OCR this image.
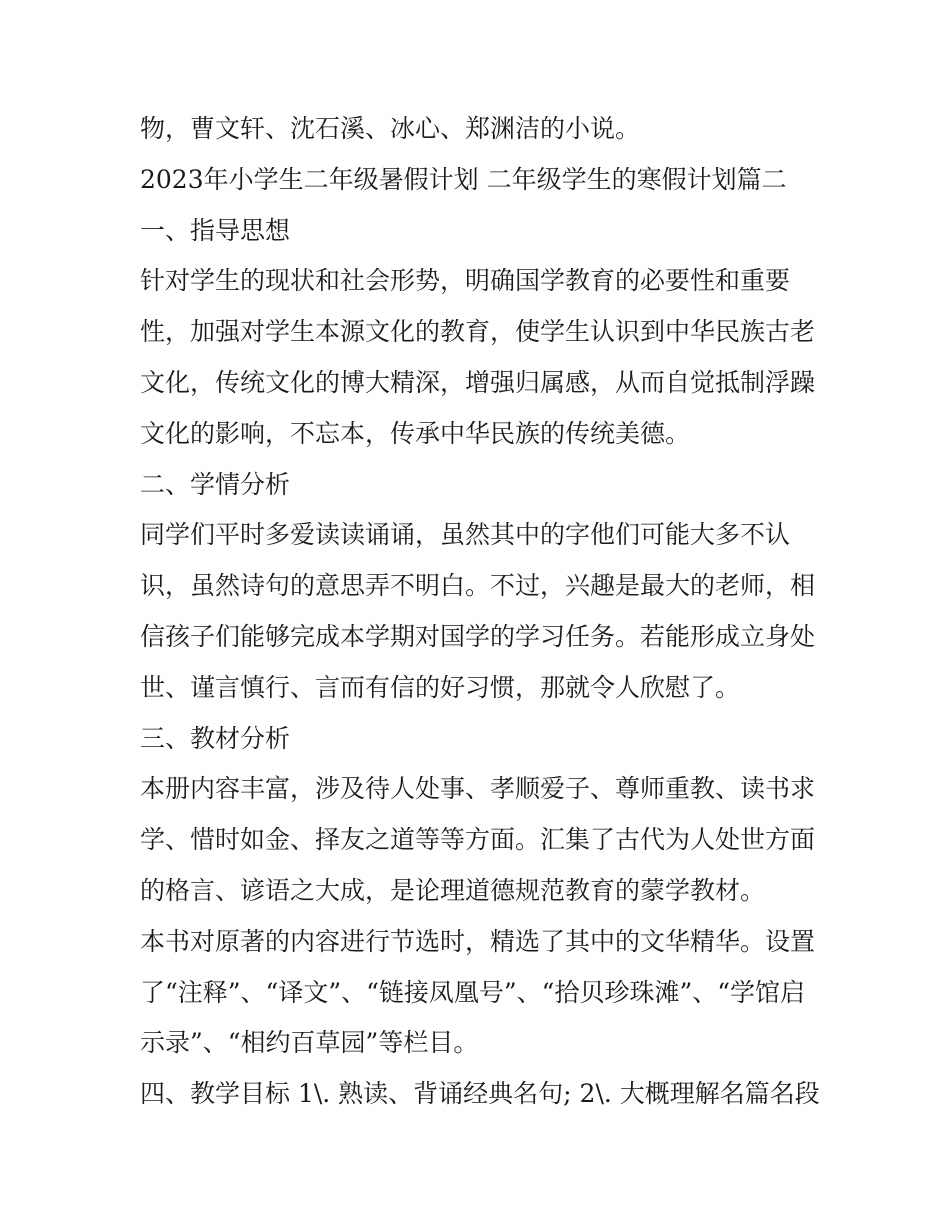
物，曹文轩、沈石溪、冰心、郑渊洁的小说。
2023年小学生二年级暑假计划 二年级学生的寒假计划篇二
一、指导思想
针对学生的现状和社会形势，明确国学教育的必要性和重要
性，加强对学生本源文化的教育，使学生认识到中华民族古老
文化，传统文化的博大精深，增强归属感，从而自觉抵制浮躁
文化的影响，不忘本，传承中华民族的传统美德。
二、学情分析
同学们平时多爱读读诵诵，虽然其中的字他们可能大多不认
识，虽然诗句的意思弄不明白。不过，兴趣是最大的老师，相
信孩子们能够完成本学期对国学的学习任务。若能形成立身处
世、谨言慎行、言而有信的好习惯，那就令人欣慰了。
三、教材分析
本册内容丰富，涉及待人处事、孝顺爱子、尊师重教、读书求
学、惜时如金、择友之道等等方面。汇集了古代为人处世方面
的格言、谚语之大成，是论理道德规范教育的蒙学教材。
本书对原著的内容进行节选时，精选了其中的文华精华。设置
了“注释”、“译文”、“链接凤凰号”、“拾贝珍珠滩”、“学馆启
示录”、“相约百草园”等栏目。
四、教学目标 1\. 熟读、背诵经典名句; 2\. 大概理解名篇名段
